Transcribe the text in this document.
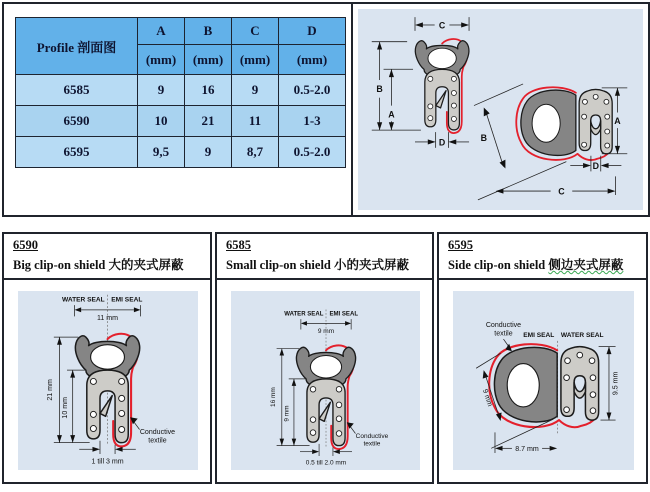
Profile 剖面图	A	B	C	D
	(mm)	(mm)	(mm)	(mm)
6585	9	16	9	0.5-2.0
6590	10	21	11	1-3
6595	9,5	9	8,7	0.5-2.0
C
B
A
D
A
B
D
C
6590
Big clip-on shield 大的夹式屏蔽
WATER SEAL EMI SEAL
11 mm
21 mm
10 mm
1 till 3 mm
Conductive
textile
6585
Small clip-on shield 小的夹式屏蔽
WATER SEAL EMI SEAL
9 mm
16 mm
9 mm
0.5 till 2.0 mm
Conductive
textile
6595
Side clip-on shield 侧边夹式屏蔽
EMI SEAL WATER SEAL
9.5 mm
9 mm
8.7 mm
Conductive
textile
